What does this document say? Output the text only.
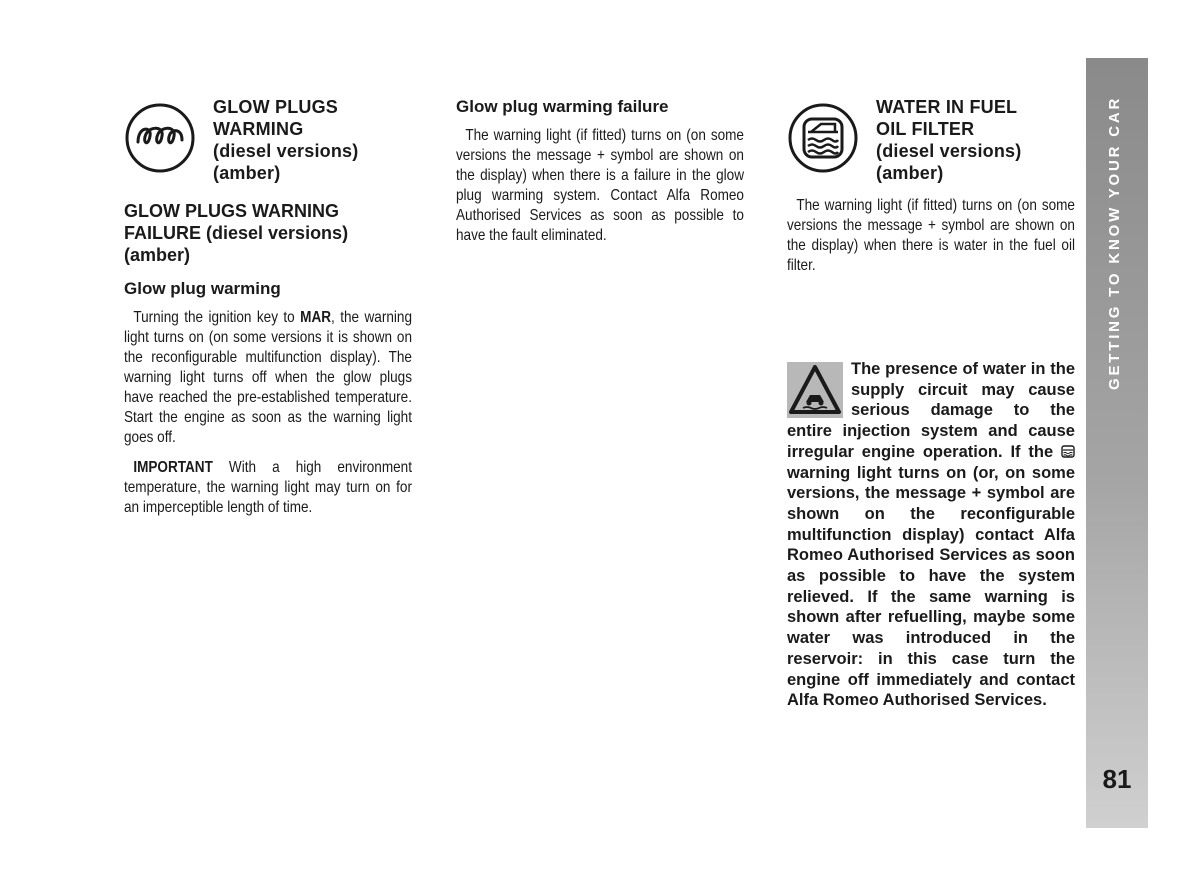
GLOW PLUGS
WARMING
(diesel versions)
(amber)
GLOW PLUGS WARNING
FAILURE (diesel versions)
(amber)
Glow plug warming

Turning the ignition key to MAR, the warning light turns on (on some versions it is shown on the reconfigurable multifunction display). The warning light turns off when the glow plugs have reached the pre-established temperature. Start the engine as soon as the warning light goes off.

IMPORTANT With a high environment temperature, the warning light may turn on for an imperceptible length of time.

Glow plug warming failure

The warning light (if fitted) turns on (on some versions the message + symbol are shown on the display) when there is a failure in the glow plug warming system. Contact Alfa Romeo Authorised Services as soon as possible to have the fault eliminated.

WATER IN FUEL
OIL FILTER
(diesel versions)
(amber)

The warning light (if fitted) turns on (on some versions the message + symbol are shown on the display) when there is water in the fuel oil filter.

The presence of water in the supply circuit may cause serious damage to the entire injection system and cause irregular engine operation. If the  warning light turns on (or, on some versions, the message + symbol are shown on the reconfigurable multifunction display) contact Alfa Romeo Authorised Services as soon as possible to have the system relieved. If the same warning is shown after refuelling, maybe some water was introduced in the reservoir: in this case turn the engine off immediately and contact Alfa Romeo Authorised Services.
GETTING TO KNOW YOUR CAR
81
